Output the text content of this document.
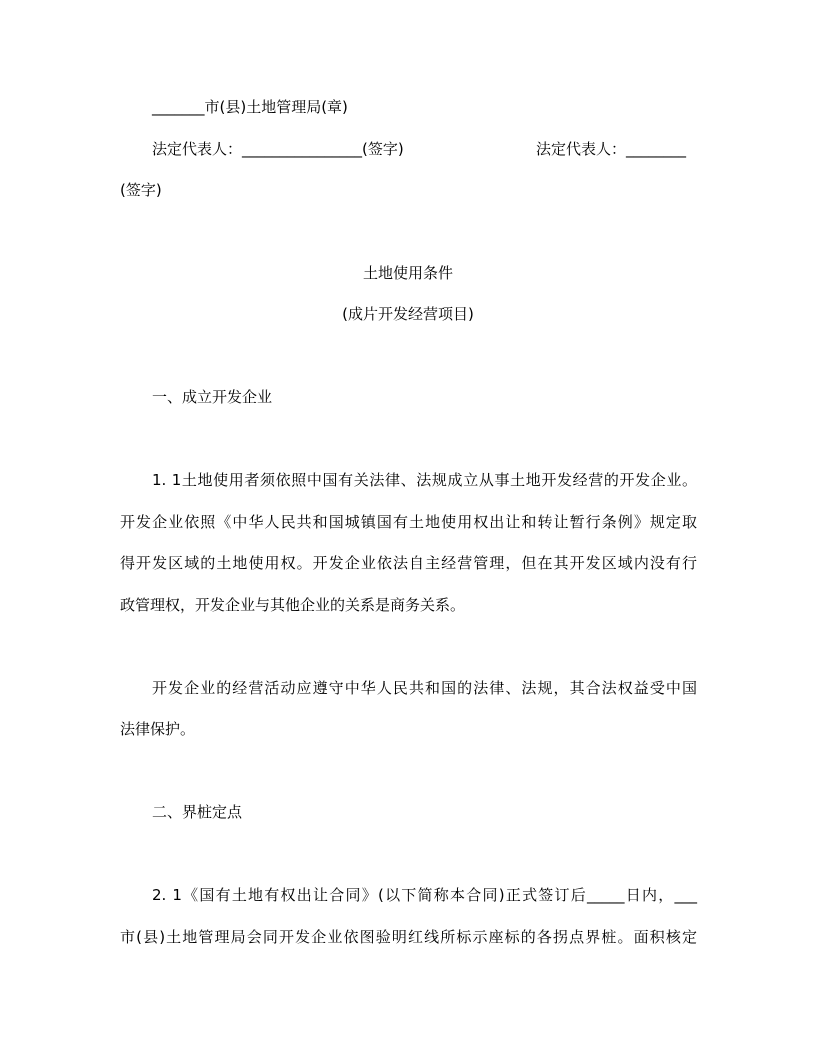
_______市(县)土地管理局(章)
法定代表人：________________(签字)	法定代表人：________
(签字)
土地使用条件
(成片开发经营项目)
一、成立开发企业
1. 1土地使用者须依照中国有关法律、法规成立从事土地开发经营的开发企业。
开发企业依照《中华人民共和国城镇国有土地使用权出让和转让暂行条例》规定取
得开发区域的土地使用权。开发企业依法自主经营管理，但在其开发区域内没有行
政管理权，开发企业与其他企业的关系是商务关系。
开发企业的经营活动应遵守中华人民共和国的法律、法规，其合法权益受中国
法律保护。
二、界桩定点
2. 1《国有土地有权出让合同》(以下简称本合同)正式签订后_____日内，___
市(县)土地管理局会同开发企业依图验明红线所标示座标的各拐点界桩。面积核定
